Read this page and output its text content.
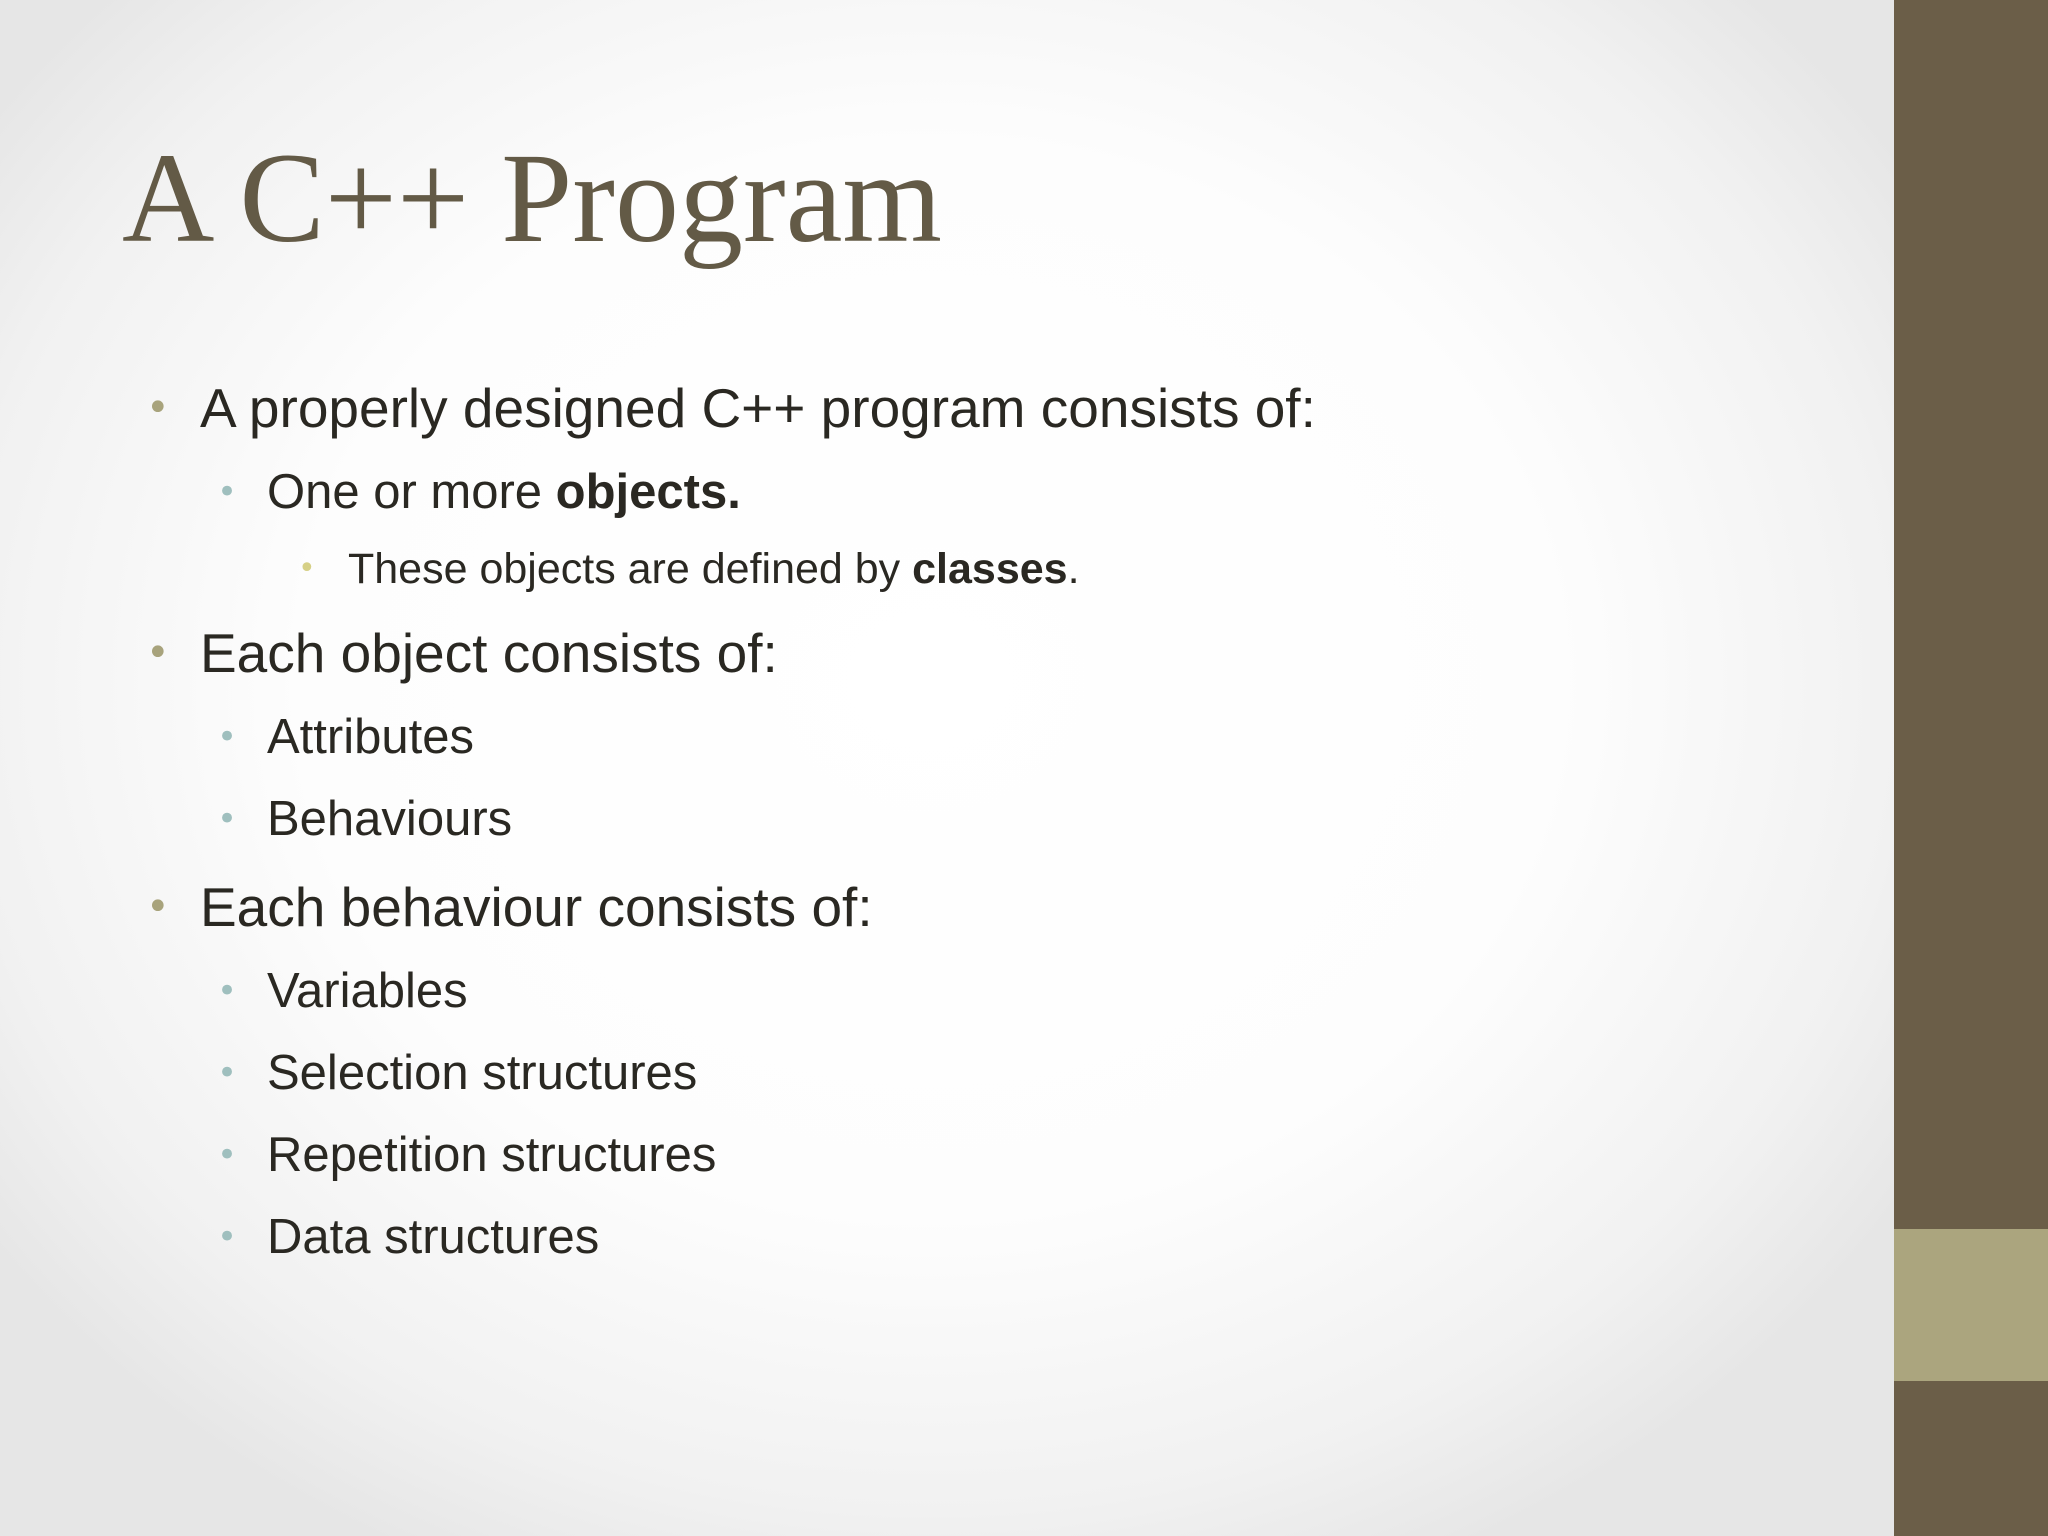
A C++ Program
• A properly designed C++ program consists of:
• One or more objects.
• These objects are defined by classes.
• Each object consists of:
• Attributes
• Behaviours
• Each behaviour consists of:
• Variables
• Selection structures
• Repetition structures
• Data structures
